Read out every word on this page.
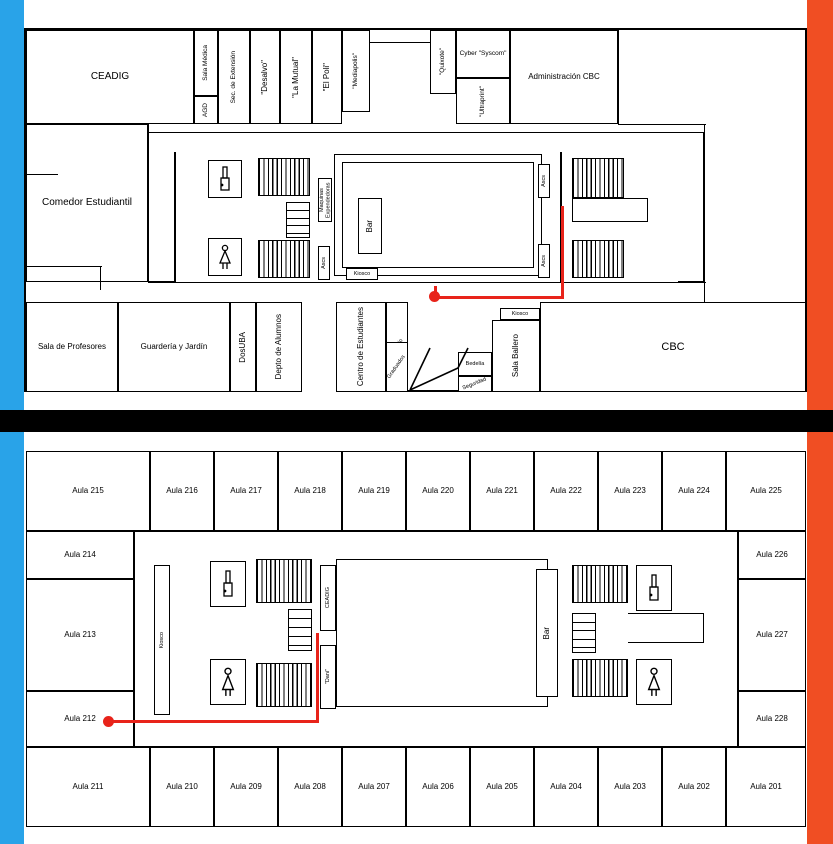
CEADIG	Sala Médica
AGD
Sec. de Extensión	"Desalvo"	"La Mutual"	"El Poli"	"Mediapolis"	"Quixote" Cyber "Syscom"
"Ultraprint"
Administración CBC
Comedor Estudiantil
Bar
Kiosco
Maquinas Expendedoras
Ascs
Ascs
Ascs
Sala de Profesores	Guardería y Jardín	DosUBA	Depto de Alumnos	Centro de Estudiantes	Graduados	Bedelía
Seguridad
Sala Ballero
Kiosco
CBC
Aula 215	Aula 216	Aula 217	Aula 218	Aula 219	Aula 220	Aula 221	Aula 222	Aula 223	Aula 224	Aula 225
Aula 214
Aula 213
Aula 212
Aula 226
Aula 227
Aula 228
Aula 211	Aula 210	Aula 209	Aula 208	Aula 207	Aula 206	Aula 205	Aula 204	Aula 203	Aula 202	Aula 201
Kiosco
CEADIG
"Dani"
Bar
